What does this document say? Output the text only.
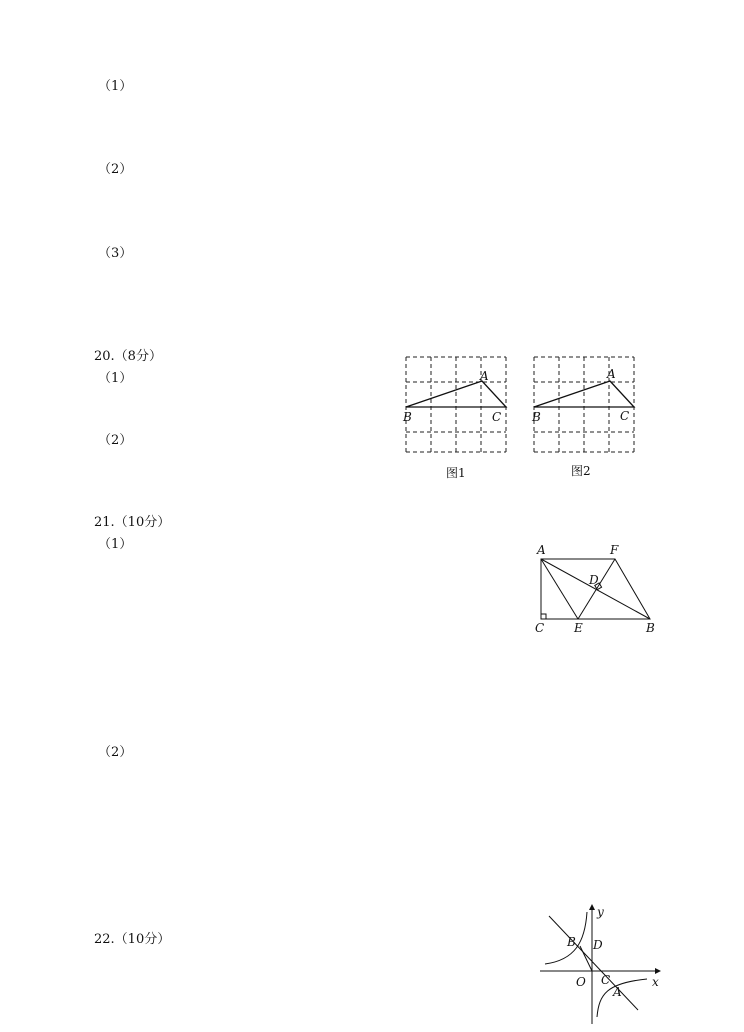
（1）
（2）
（3）
20.（8分）
（1）
（2）
A
B	C
图1
A
B	C
图2
21.（10分）
（1）
（2）
A	F
D
C E	B
22.（10分）
y
x
B D
O C
A
